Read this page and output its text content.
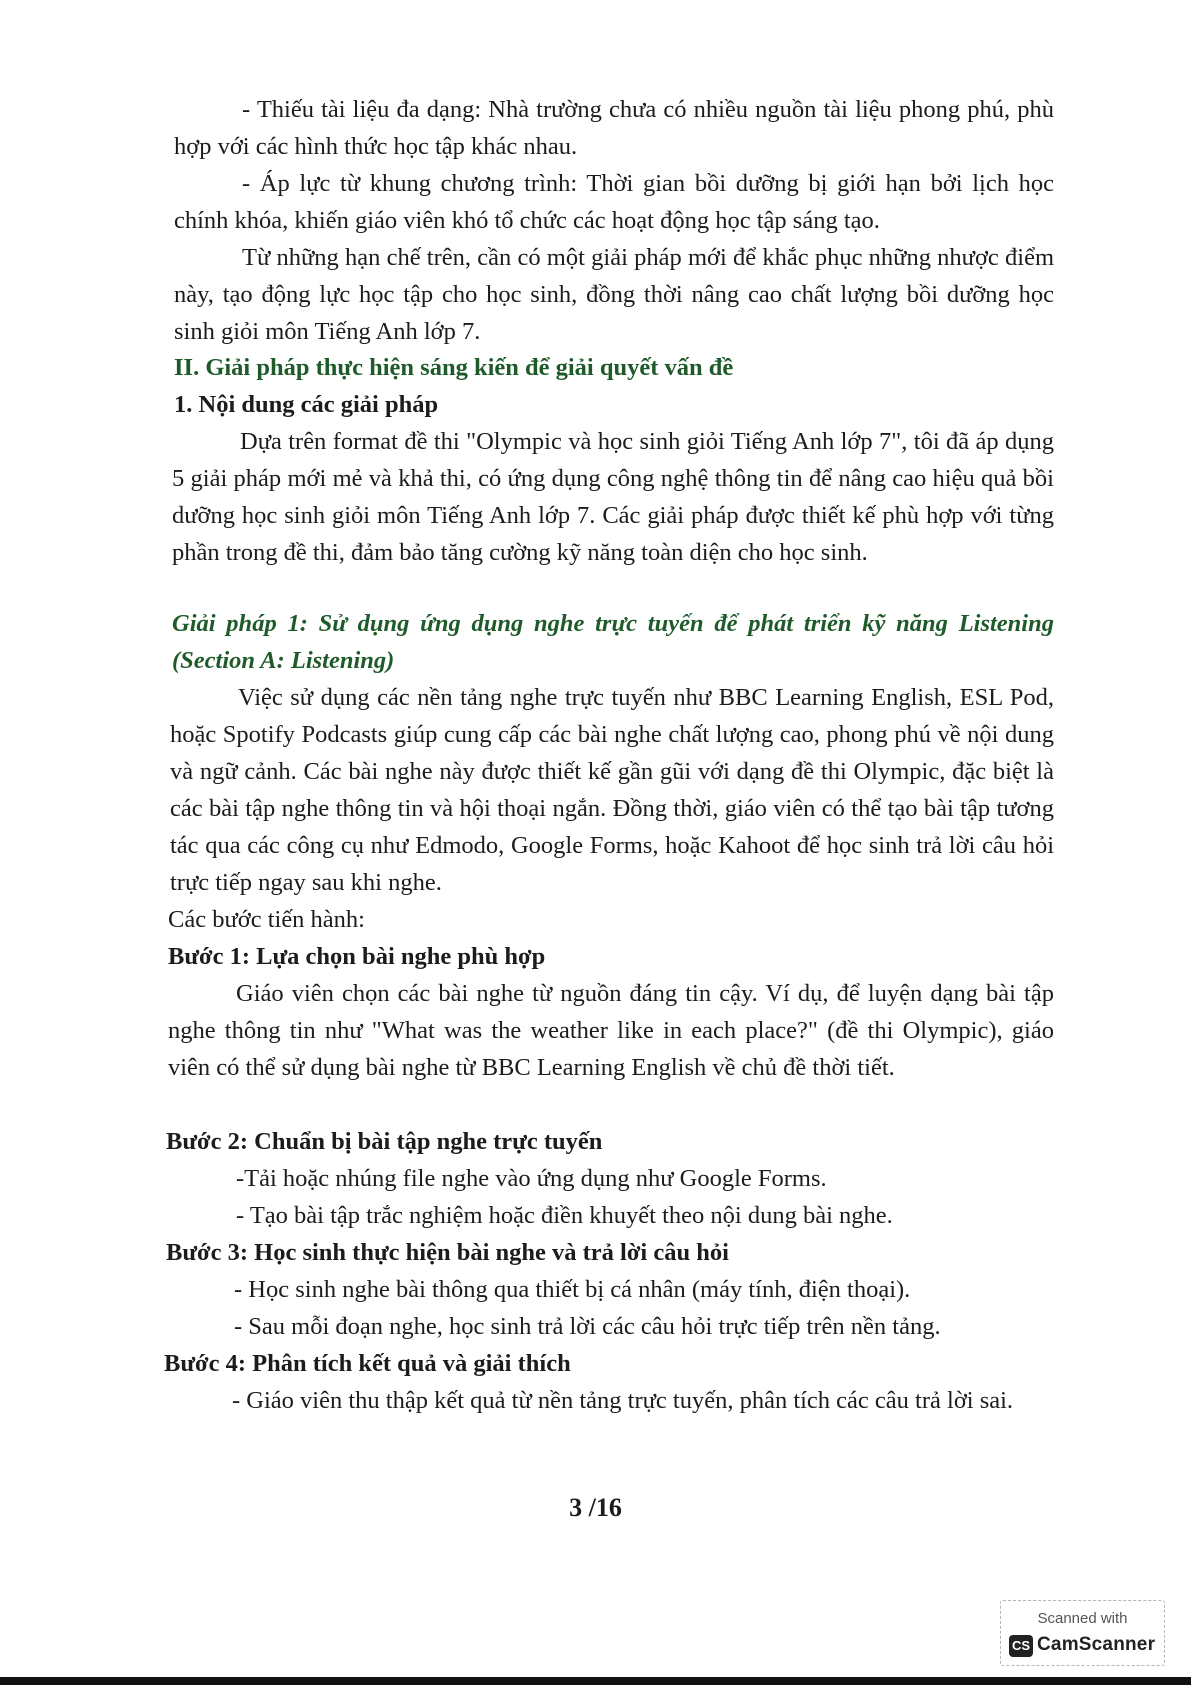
- Thiếu tài liệu đa dạng: Nhà trường chưa có nhiều nguồn tài liệu phong phú, phù hợp với các hình thức học tập khác nhau.

- Áp lực từ khung chương trình: Thời gian bồi dưỡng bị giới hạn bởi lịch học chính khóa, khiến giáo viên khó tổ chức các hoạt động học tập sáng tạo.

Từ những hạn chế trên, cần có một giải pháp mới để khắc phục những nhược điểm này, tạo động lực học tập cho học sinh, đồng thời nâng cao chất lượng bồi dưỡng học sinh giỏi môn Tiếng Anh lớp 7.

II. Giải pháp thực hiện sáng kiến để giải quyết vấn đề

1. Nội dung các giải pháp

Dựa trên format đề thi "Olympic và học sinh giỏi Tiếng Anh lớp 7", tôi đã áp dụng 5 giải pháp mới mẻ và khả thi, có ứng dụng công nghệ thông tin để nâng cao hiệu quả bồi dưỡng học sinh giỏi môn Tiếng Anh lớp 7. Các giải pháp được thiết kế phù hợp với từng phần trong đề thi, đảm bảo tăng cường kỹ năng toàn diện cho học sinh.

Giải pháp 1: Sử dụng ứng dụng nghe trực tuyến để phát triển kỹ năng Listening (Section A: Listening)

Việc sử dụng các nền tảng nghe trực tuyến như BBC Learning English, ESL Pod, hoặc Spotify Podcasts giúp cung cấp các bài nghe chất lượng cao, phong phú về nội dung và ngữ cảnh. Các bài nghe này được thiết kế gần gũi với dạng đề thi Olympic, đặc biệt là các bài tập nghe thông tin và hội thoại ngắn. Đồng thời, giáo viên có thể tạo bài tập tương tác qua các công cụ như Edmodo, Google Forms, hoặc Kahoot để học sinh trả lời câu hỏi trực tiếp ngay sau khi nghe.

Các bước tiến hành:

Bước 1: Lựa chọn bài nghe phù hợp

Giáo viên chọn các bài nghe từ nguồn đáng tin cậy. Ví dụ, để luyện dạng bài tập nghe thông tin như "What was the weather like in each place?" (đề thi Olympic), giáo viên có thể sử dụng bài nghe từ BBC Learning English về chủ đề thời tiết.

Bước 2: Chuẩn bị bài tập nghe trực tuyến

-Tải hoặc nhúng file nghe vào ứng dụng như Google Forms.

- Tạo bài tập trắc nghiệm hoặc điền khuyết theo nội dung bài nghe.

Bước 3: Học sinh thực hiện bài nghe và trả lời câu hỏi

- Học sinh nghe bài thông qua thiết bị cá nhân (máy tính, điện thoại).

- Sau mỗi đoạn nghe, học sinh trả lời các câu hỏi trực tiếp trên nền tảng.

Bước 4: Phân tích kết quả và giải thích

- Giáo viên thu thập kết quả từ nền tảng trực tuyến, phân tích các câu trả lời sai.

3 /16
Scanned with
CS CamScanner
